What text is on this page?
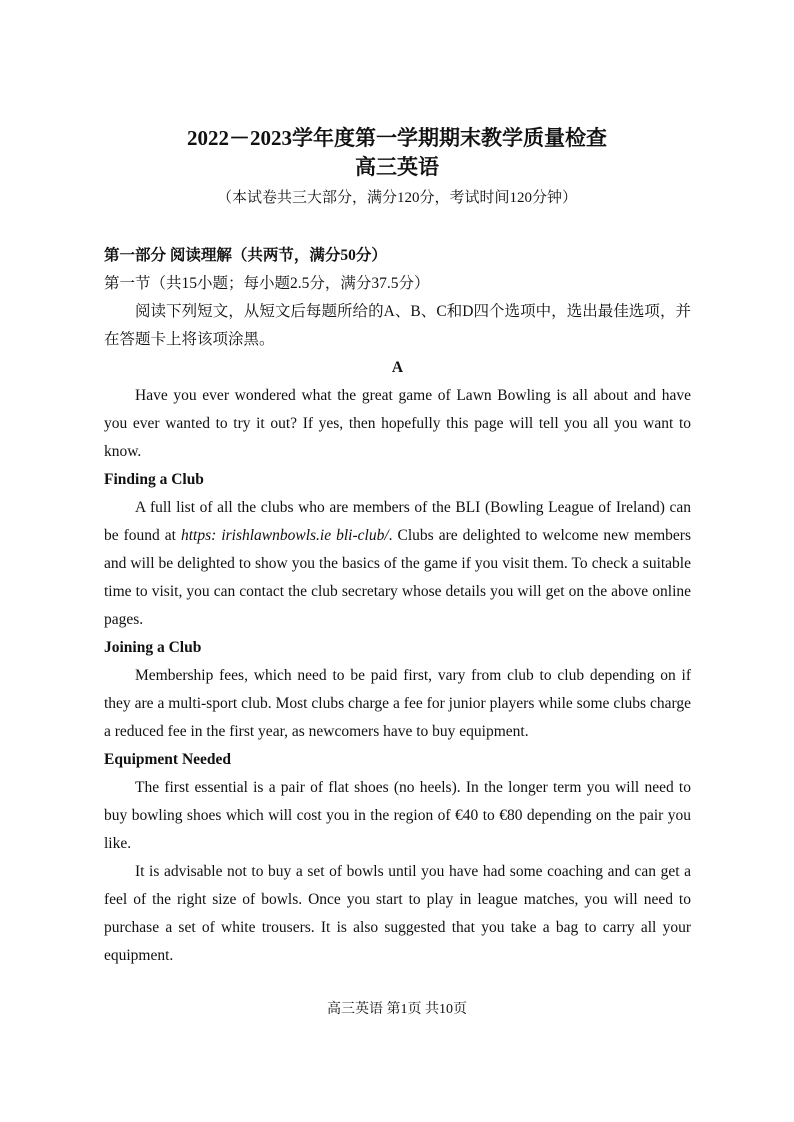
2022－2023学年度第一学期期末教学质量检查
高三英语
（本试卷共三大部分，满分120分，考试时间120分钟）

第一部分 阅读理解（共两节，满分50分）

第一节（共15小题；每小题2.5分，满分37.5分）

阅读下列短文，从短文后每题所给的A、B、C和D四个选项中，选出最佳选项，并在答题卡上将该项涂黑。

A

Have you ever wondered what the great game of Lawn Bowling is all about and have you ever wanted to try it out? If yes, then hopefully this page will tell you all you want to know.

Finding a Club

A full list of all the clubs who are members of the BLI (Bowling League of Ireland) can be found at https: irishlawnbowls.ie bli-club/. Clubs are delighted to welcome new members and will be delighted to show you the basics of the game if you visit them. To check a suitable time to visit, you can contact the club secretary whose details you will get on the above online pages.

Joining a Club

Membership fees, which need to be paid first, vary from club to club depending on if they are a multi-sport club. Most clubs charge a fee for junior players while some clubs charge a reduced fee in the first year, as newcomers have to buy equipment.

Equipment Needed

The first essential is a pair of flat shoes (no heels). In the longer term you will need to buy bowling shoes which will cost you in the region of €40 to €80 depending on the pair you like.

It is advisable not to buy a set of bowls until you have had some coaching and can get a feel of the right size of bowls. Once you start to play in league matches, you will need to purchase a set of white trousers. It is also suggested that you take a bag to carry all your equipment.

高三英语 第1页 共10页
